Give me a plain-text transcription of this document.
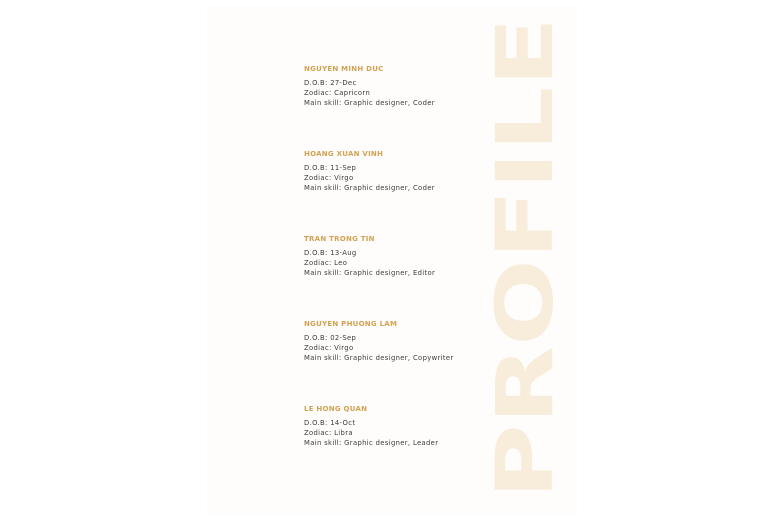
NGUYEN MINH DUC
D.O.B: 27-Dec
Zodiac: Capricorn
Main skill: Graphic designer, Coder
HOANG XUAN VINH
D.O.B: 11-Sep
Zodiac: Virgo
Main skill: Graphic designer, Coder
TRAN TRONG TIN
D.O.B: 13-Aug
Zodiac: Leo
Main skill: Graphic designer, Editor
NGUYEN PHUONG LAM
D.O.B: 02-Sep
Zodiac: Virgo
Main skill: Graphic designer, Copywriter
LE HONG QUAN
D.O.B: 14-Oct
Zodiac: Libra
Main skill: Graphic designer, Leader PROFILE
